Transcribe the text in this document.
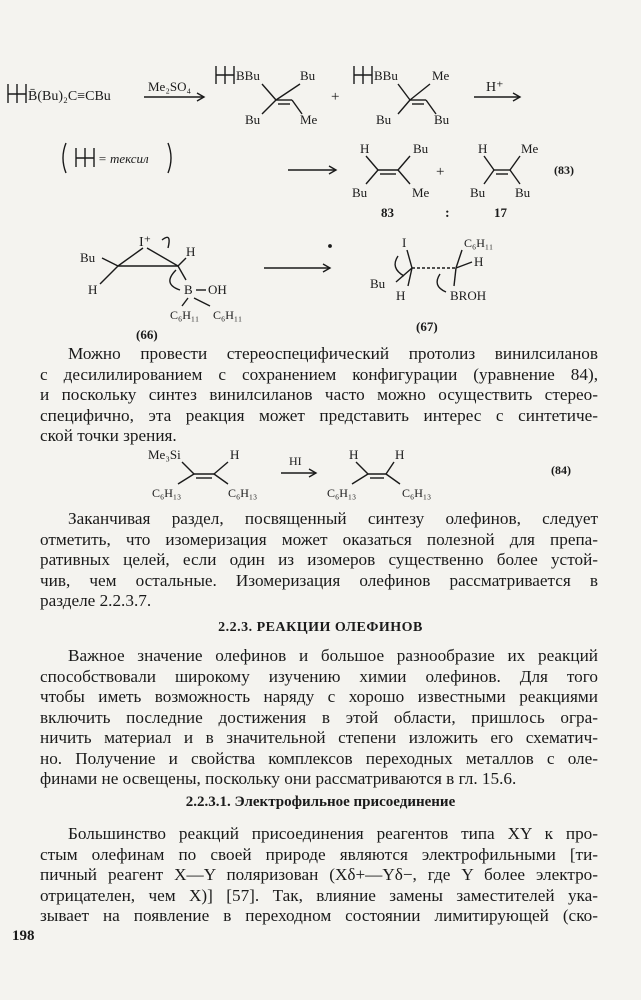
B̄(Bu)₂C≡CBu
Me₂SO₄
BBu	Bu
Bu	Me
+
BBu	Me
Bu	Bu
H⁺
= тексил
H	Bu
Bu	Me
+
H	Me
Bu Bu
(83)
83	:	17
I⁺
Bu	H
H	B OH
C₆H₁₁ C₆H₁₁
(66)
I	C₆H₁₁
H
Bu
H	BROH
(67)
Me₃Si	H
C₆H₁₃	C₆H₁₃
HI	H	H
C₆H₁₃	C₆H₁₃
(84)
Можно провести стереоспецифический протолиз винилсиланов
с десилилированием с сохранением конфигурации (уравнение 84),
и поскольку синтез винилсиланов часто можно осуществить стерео-
специфично, эта реакция может представить интерес с синтетиче-
ской точки зрения.
Заканчивая раздел, посвященный синтезу олефинов, следует
отметить, что изомеризация может оказаться полезной для препа-
ративных целей, если один из изомеров существенно более устой-
чив, чем остальные. Изомеризация олефинов рассматривается в
разделе 2.2.3.7.
2.2.3. РЕАКЦИИ ОЛЕФИНОВ
Важное значение олефинов и большое разнообразие их реакций
способствовали широкому изучению химии олефинов. Для того
чтобы иметь возможность наряду с хорошо известными реакциями
включить последние достижения в этой области, пришлось огра-
ничить материал и в значительной степени изложить его схематич-
но. Получение и свойства комплексов переходных металлов с оле-
финами не освещены, поскольку они рассматриваются в гл. 15.6.
2.2.3.1. Электрофильное присоединение
Большинство реакций присоединения реагентов типа XY к про-
стым олефинам по своей природе являются электрофильными [ти-
пичный реагент X—Y поляризован (Xδ+—Yδ−, где Y более электро-
отрицателен, чем X)] [57]. Так, влияние замены заместителей ука-
зывает на появление в переходном состоянии лимитирующей (ско-
198
